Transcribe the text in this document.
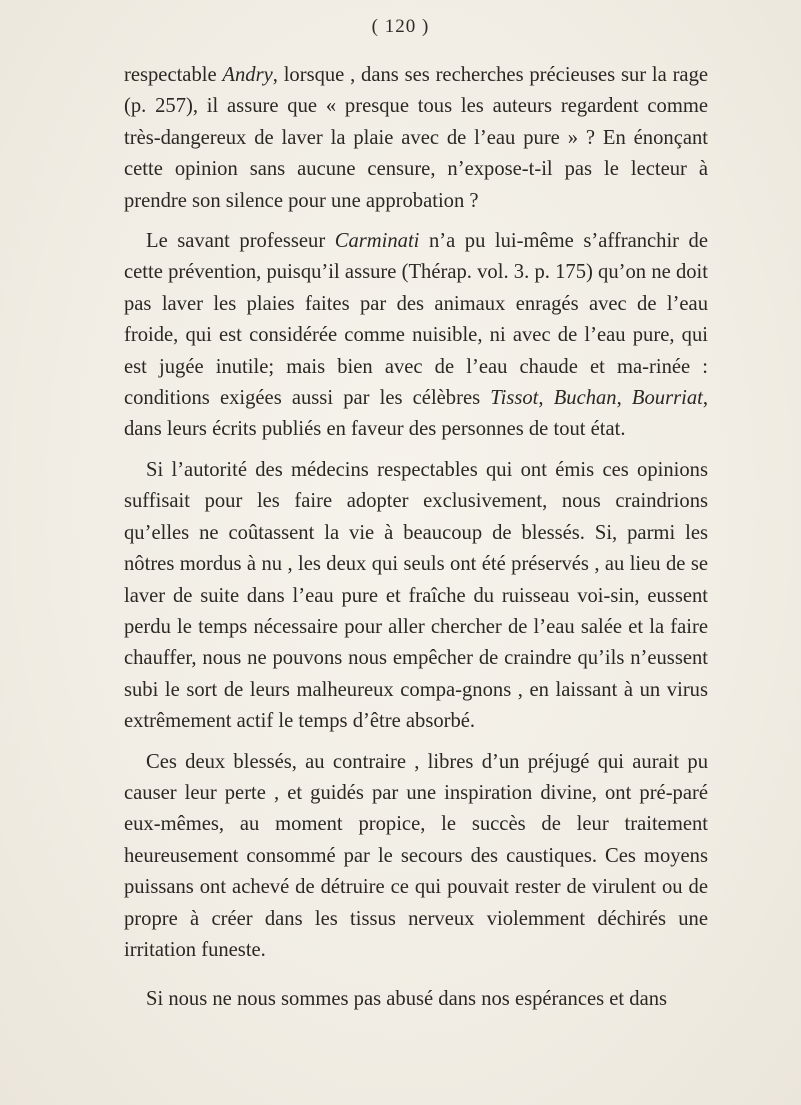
( 120 )

respectable Andry, lorsque , dans ses recherches précieuses sur la rage (p. 257), il assure que « presque tous les auteurs regardent comme très-dangereux de laver la plaie avec de l’eau pure » ? En énonçant cette opinion sans aucune censure, n’expose-t-il pas le lecteur à prendre son silence pour une approbation ?

Le savant professeur Carminati n’a pu lui-même s’affranchir de cette prévention, puisqu’il assure (Thérap. vol. 3. p. 175) qu’on ne doit pas laver les plaies faites par des animaux enragés avec de l’eau froide, qui est considérée comme nuisible, ni avec de l’eau pure, qui est jugée inutile; mais bien avec de l’eau chaude et ma-rinée : conditions exigées aussi par les célèbres Tissot, Buchan, Bourriat, dans leurs écrits publiés en faveur des personnes de tout état.

Si l’autorité des médecins respectables qui ont émis ces opinions suffisait pour les faire adopter exclusivement, nous craindrions qu’elles ne coûtassent la vie à beaucoup de blessés. Si, parmi les nôtres mordus à nu , les deux qui seuls ont été préservés , au lieu de se laver de suite dans l’eau pure et fraîche du ruisseau voi-sin, eussent perdu le temps nécessaire pour aller chercher de l’eau salée et la faire chauffer, nous ne pouvons nous empêcher de craindre qu’ils n’eussent subi le sort de leurs malheureux compa-gnons , en laissant à un virus extrêmement actif le temps d’être absorbé.

Ces deux blessés, au contraire , libres d’un préjugé qui aurait pu causer leur perte , et guidés par une inspiration divine, ont pré-paré eux-mêmes, au moment propice, le succès de leur traitement heureusement consommé par le secours des caustiques. Ces moyens puissans ont achevé de détruire ce qui pouvait rester de virulent ou de propre à créer dans les tissus nerveux violemment déchirés une irritation funeste.

Si nous ne nous sommes pas abusé dans nos espérances et dans
